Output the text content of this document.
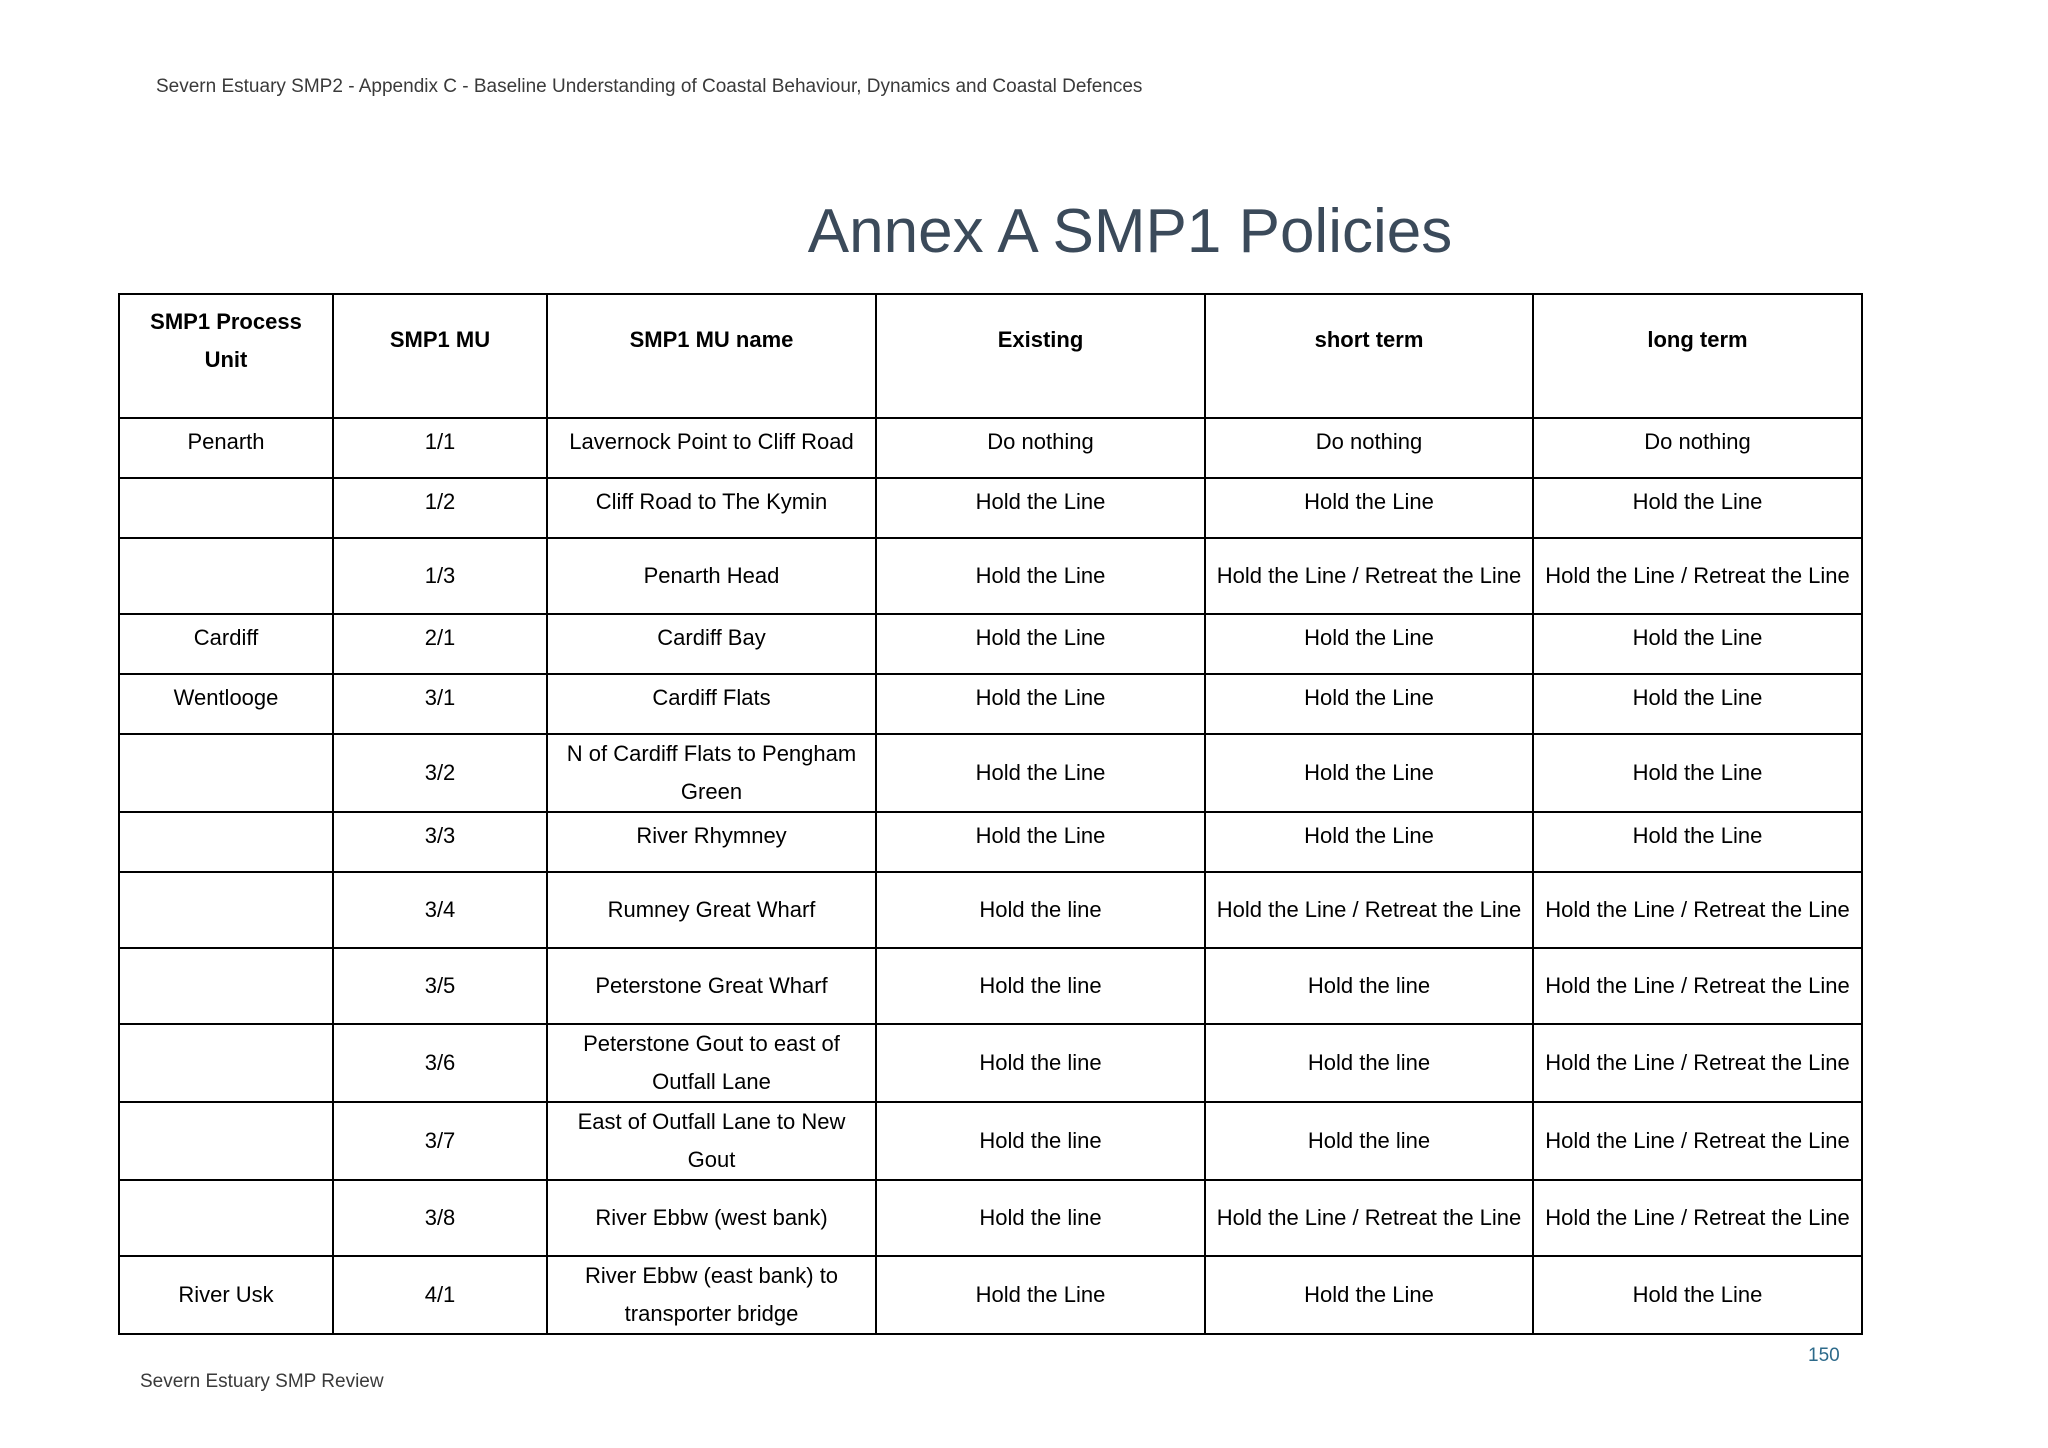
Severn Estuary SMP2 - Appendix C - Baseline Understanding of Coastal Behaviour, Dynamics and Coastal Defences
Annex A SMP1 Policies
SMP1 Process Unit	SMP1 MU	SMP1 MU name	Existing	short term	long term
Penarth	1/1	Lavernock Point to Cliff Road	Do nothing	Do nothing	Do nothing
	1/2	Cliff Road to The Kymin	Hold the Line	Hold the Line	Hold the Line
	1/3	Penarth Head	Hold the Line	Hold the Line / Retreat the Line	Hold the Line / Retreat the Line
Cardiff	2/1	Cardiff Bay	Hold the Line	Hold the Line	Hold the Line
Wentlooge	3/1	Cardiff Flats	Hold the Line	Hold the Line	Hold the Line
	3/2	N of Cardiff Flats to Pengham Green	Hold the Line	Hold the Line	Hold the Line
	3/3	River Rhymney	Hold the Line	Hold the Line	Hold the Line
	3/4	Rumney Great Wharf	Hold the line	Hold the Line / Retreat the Line	Hold the Line / Retreat the Line
	3/5	Peterstone Great Wharf	Hold the line	Hold the line	Hold the Line / Retreat the Line
	3/6	Peterstone Gout to east of Outfall Lane	Hold the line	Hold the line	Hold the Line / Retreat the Line
	3/7	East of Outfall Lane to New Gout	Hold the line	Hold the line	Hold the Line / Retreat the Line
	3/8	River Ebbw (west bank)	Hold the line	Hold the Line / Retreat the Line	Hold the Line / Retreat the Line
River Usk	4/1	River Ebbw (east bank) to transporter bridge	Hold the Line	Hold the Line	Hold the Line
150
Severn Estuary SMP Review
